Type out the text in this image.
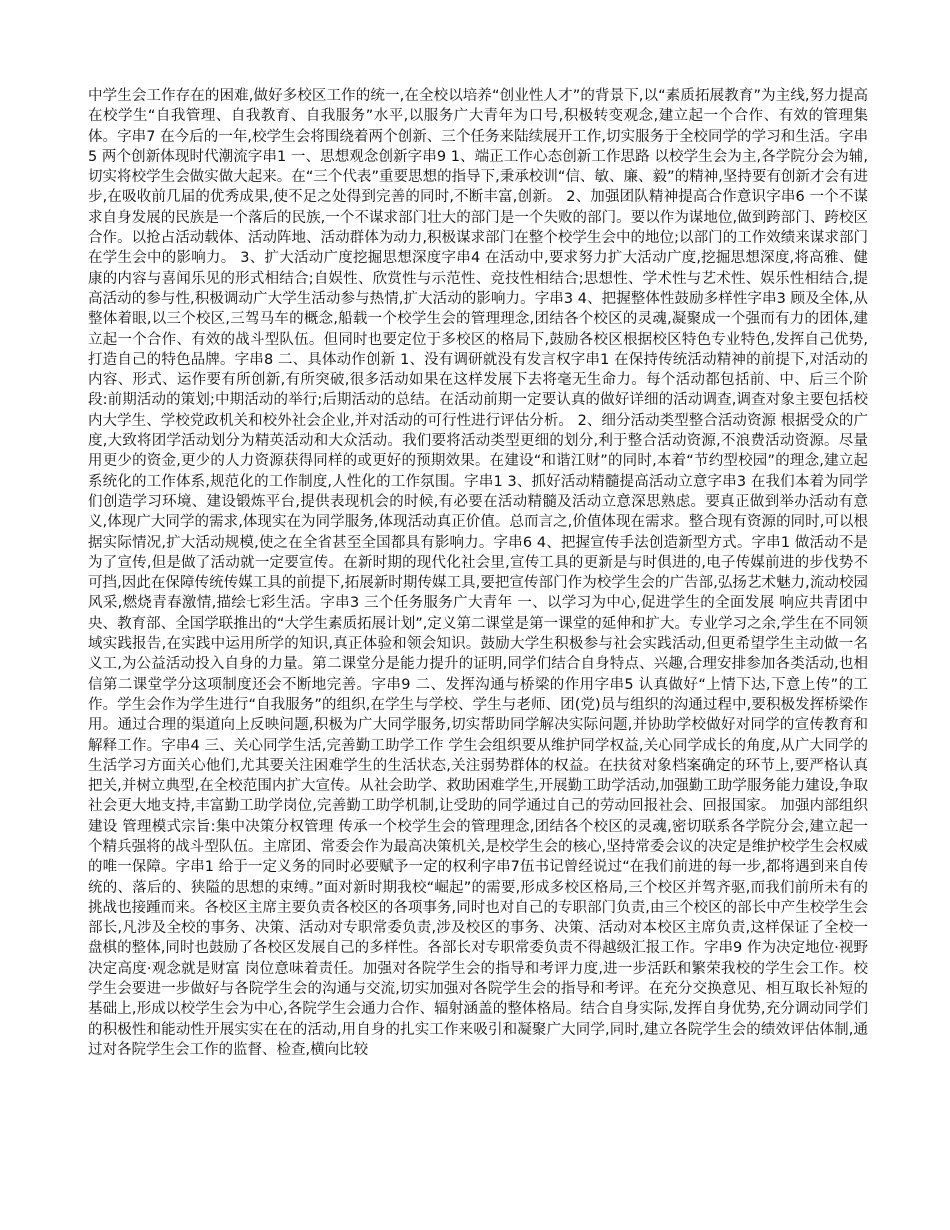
中学生会工作存在的困难,做好多校区工作的统一,在全校以培养“创业性人才”的背景下,以“素质拓展教育”为主线,努力提高在校学生“自我管理、自我教育、自我服务”水平,以服务广大青年为口号,积极转变观念,建立起一个合作、有效的管理集体。字串7 在今后的一年,校学生会将围绕着两个创新、三个任务来陆续展开工作,切实服务于全校同学的学习和生活。字串5 两个创新体现时代潮流字串1 一、思想观念创新字串9 1、端正工作心态创新工作思路 以校学生会为主,各学院分会为辅,切实将校学生会做实做大起来。在“三个代表”重要思想的指导下,秉承校训“信、敏、廉、毅”的精神,坚持要有创新才会有进步,在吸收前几届的优秀成果,使不足之处得到完善的同时,不断丰富,创新。 2、加强团队精神提高合作意识字串6 一个不谋求自身发展的民族是一个落后的民族,一个不谋求部门壮大的部门是一个失败的部门。要以作为谋地位,做到跨部门、跨校区合作。以抢占活动载体、活动阵地、活动群体为动力,积极谋求部门在整个校学生会中的地位;以部门的工作效绩来谋求部门在学生会中的影响力。 3、扩大活动广度挖掘思想深度字串4 在活动中,要求努力扩大活动广度,挖掘思想深度,将高雅、健康的内容与喜闻乐见的形式相结合;自娱性、欣赏性与示范性、竞技性相结合;思想性、学术性与艺术性、娱乐性相结合,提高活动的参与性,积极调动广大学生活动参与热情,扩大活动的影响力。字串3 4、把握整体性鼓励多样性字串3 顾及全体,从整体着眼,以三个校区,三驾马车的概念,船载一个校学生会的管理理念,团结各个校区的灵魂,凝聚成一个强而有力的团体,建立起一个合作、有效的战斗型队伍。但同时也要定位于多校区的格局下,鼓励各校区根据校区特色专业特色,发挥自己优势,打造自己的特色品牌。字串8 二、具体动作创新 1、没有调研就没有发言权字串1 在保持传统活动精神的前提下,对活动的内容、形式、运作要有所创新,有所突破,很多活动如果在这样发展下去将毫无生命力。每个活动都包括前、中、后三个阶段:前期活动的策划;中期活动的举行;后期活动的总结。在活动前期一定要认真的做好详细的活动调查,调查对象主要包括校内大学生、学校党政机关和校外社会企业,并对活动的可行性进行评估分析。 2、细分活动类型整合活动资源 根据受众的广度,大致将团学活动划分为精英活动和大众活动。我们要将活动类型更细的划分,利于整合活动资源,不浪费活动资源。尽量用更少的资金,更少的人力资源获得同样的或更好的预期效果。在建设“和谐江财”的同时,本着“节约型校园”的理念,建立起系统化的工作体系,规范化的工作制度,人性化的工作氛围。字串1 3、抓好活动精髓提高活动立意字串3 在我们本着为同学们创造学习环境、建设锻炼平台,提供表现机会的时候,有必要在活动精髓及活动立意深思熟虑。要真正做到举办活动有意义,体现广大同学的需求,体现实在为同学服务,体现活动真正价值。总而言之,价值体现在需求。整合现有资源的同时,可以根据实际情况,扩大活动规模,使之在全省甚至全国都具有影响力。字串6 4、把握宣传手法创造新型方式。字串1 做活动不是为了宣传,但是做了活动就一定要宣传。在新时期的现代化社会里,宣传工具的更新是与时俱进的,电子传媒前进的步伐势不可挡,因此在保障传统传媒工具的前提下,拓展新时期传媒工具,要把宣传部门作为校学生会的广告部,弘扬艺术魅力,流动校园风采,燃烧青春激情,描绘七彩生活。字串3 三个任务服务广大青年 一、以学习为中心,促进学生的全面发展 响应共青团中央、教育部、全国学联推出的“大学生素质拓展计划”,定义第二课堂是第一课堂的延伸和扩大。专业学习之余,学生在不同领域实践报告,在实践中运用所学的知识,真正体验和领会知识。鼓励大学生积极参与社会实践活动,但更希望学生主动做一名义工,为公益活动投入自身的力量。第二课堂分是能力提升的证明,同学们结合自身特点、兴趣,合理安排参加各类活动,也相信第二课堂学分这项制度还会不断地完善。字串9 二、发挥沟通与桥梁的作用字串5 认真做好“上情下达,下意上传”的工作。学生会作为学生进行“自我服务”的组织,在学生与学校、学生与老师、团(党)员与组织的沟通过程中,要积极发挥桥梁作用。通过合理的渠道向上反映问题,积极为广大同学服务,切实帮助同学解决实际问题,并协助学校做好对同学的宣传教育和解释工作。字串4 三、关心同学生活,完善勤工助学工作 学生会组织要从维护同学权益,关心同学成长的角度,从广大同学的生活学习方面关心他们,尤其要关注困难学生的生活状态,关注弱势群体的权益。在扶贫对象档案确定的环节上,要严格认真把关,并树立典型,在全校范围内扩大宣传。从社会助学、救助困难学生,开展勤工助学活动,加强勤工助学服务能力建设,争取社会更大地支持,丰富勤工助学岗位,完善勤工助学机制,让受助的同学通过自己的劳动回报社会、回报国家。 加强内部组织建设 管理模式宗旨:集中决策分权管理 传承一个校学生会的管理理念,团结各个校区的灵魂,密切联系各学院分会,建立起一个精兵强将的战斗型队伍。主席团、常委会作为最高决策机关,是校学生会的核心,坚持常委会议的决定是维护校学生会权威的唯一保障。字串1 给于一定义务的同时必要赋予一定的权利字串7伍书记曾经说过“在我们前进的每一步,都将遇到来自传统的、落后的、狭隘的思想的束缚。”面对新时期我校“崛起”的需要,形成多校区格局,三个校区并驾齐驱,而我们前所未有的挑战也接踵而来。各校区主席主要负责各校区的各项事务,同时也对自己的专职部门负责,由三个校区的部长中产生校学生会部长,凡涉及全校的事务、决策、活动对专职常委负责,涉及校区的事务、决策、活动对本校区主席负责,这样保证了全校一盘棋的整体,同时也鼓励了各校区发展自己的多样性。各部长对专职常委负责不得越级汇报工作。字串9 作为决定地位·视野决定高度·观念就是财富 岗位意味着责任。加强对各院学生会的指导和考评力度,进一步活跃和繁荣我校的学生会工作。校学生会要进一步做好与各院学生会的沟通与交流,切实加强对各院学生会的指导和考评。在充分交换意见、相互取长补短的基础上,形成以校学生会为中心,各院学生会通力合作、辐射涵盖的整体格局。结合自身实际,发挥自身优势,充分调动同学们的积极性和能动性开展实实在在的活动,用自身的扎实工作来吸引和凝聚广大同学,同时,建立各院学生会的绩效评估体制,通过对各院学生会工作的监督、检查,横向比较
